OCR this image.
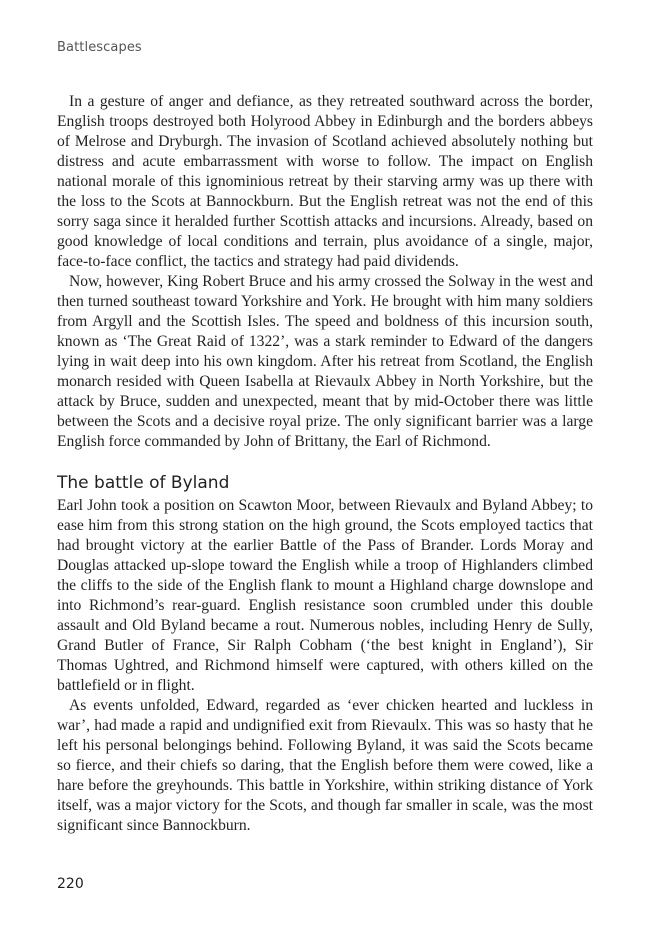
Battlescapes

In a gesture of anger and defiance, as they retreated southward across the border, English troops destroyed both Holyrood Abbey in Edinburgh and the borders abbeys of Melrose and Dryburgh. The invasion of Scotland achieved absolutely nothing but distress and acute embarrassment with worse to follow. The impact on English national morale of this ignominious retreat by their starving army was up there with the loss to the Scots at Bannockburn. But the English retreat was not the end of this sorry saga since it heralded further Scottish attacks and incursions. Already, based on good knowledge of local conditions and terrain, plus avoidance of a single, major, face-to-face conflict, the tactics and strategy had paid dividends.

Now, however, King Robert Bruce and his army crossed the Solway in the west and then turned southeast toward Yorkshire and York. He brought with him many soldiers from Argyll and the Scottish Isles. The speed and boldness of this incursion south, known as ‘The Great Raid of 1322’, was a stark reminder to Edward of the dangers lying in wait deep into his own kingdom. After his retreat from Scotland, the English monarch resided with Queen Isabella at Rievaulx Abbey in North Yorkshire, but the attack by Bruce, sudden and unexpected, meant that by mid-October there was little between the Scots and a decisive royal prize. The only significant barrier was a large English force commanded by John of Brittany, the Earl of Richmond.

The battle of Byland

Earl John took a position on Scawton Moor, between Rievaulx and Byland Abbey; to ease him from this strong station on the high ground, the Scots employed tactics that had brought victory at the earlier Battle of the Pass of Brander. Lords Moray and Douglas attacked up-slope toward the English while a troop of Highlanders climbed the cliffs to the side of the English flank to mount a Highland charge downslope and into Richmond’s rear-guard. English resistance soon crumbled under this double assault and Old Byland became a rout. Numerous nobles, including Henry de Sully, Grand Butler of France, Sir Ralph Cobham (‘the best knight in England’), Sir Thomas Ughtred, and Richmond himself were captured, with others killed on the battlefield or in flight.

As events unfolded, Edward, regarded as ‘ever chicken hearted and luckless in war’, had made a rapid and undignified exit from Rievaulx. This was so hasty that he left his personal belongings behind. Following Byland, it was said the Scots became so fierce, and their chiefs so daring, that the English before them were cowed, like a hare before the greyhounds. This battle in Yorkshire, within striking distance of York itself, was a major victory for the Scots, and though far smaller in scale, was the most significant since Bannockburn.

220
